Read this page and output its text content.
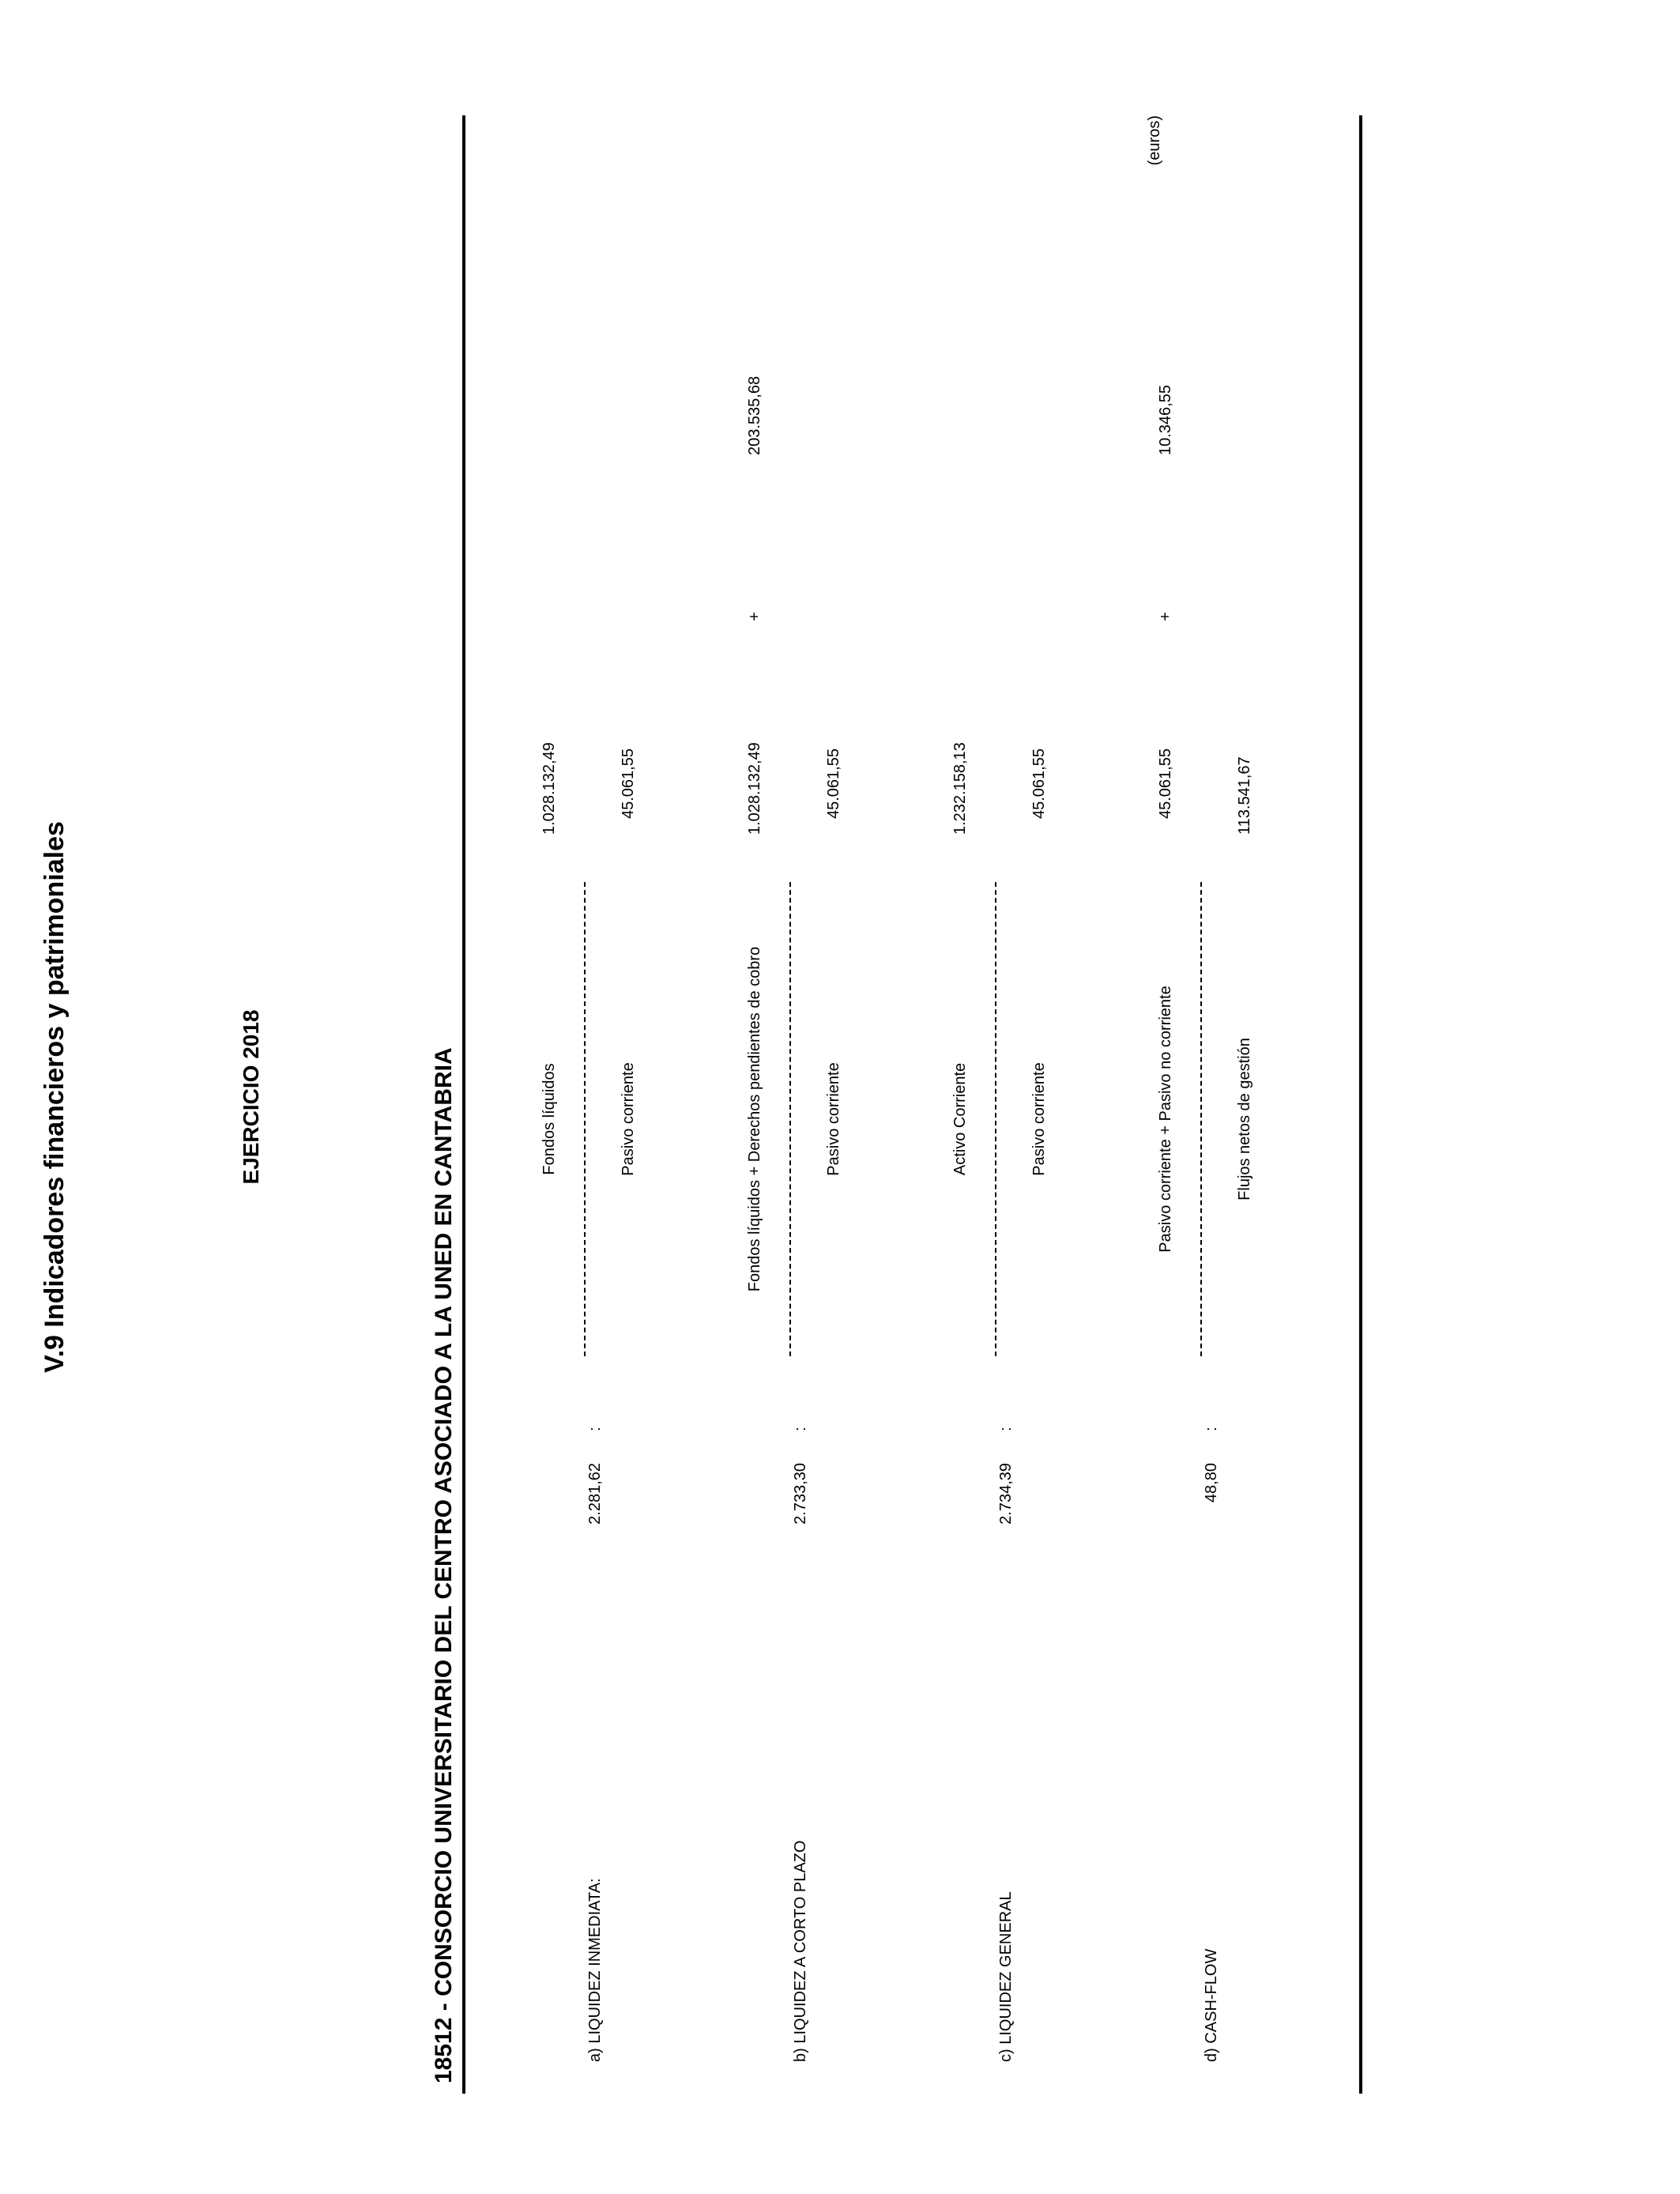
V.9 Indicadores financieros y patrimoniales	EJERCICIO 2018	18512 - CONSORCIO UNIVERSITARIO DEL CENTRO ASOCIADO A LA UNED EN CANTABRIA
(euros)
a) LIQUIDEZ INMEDIATA:
2.281,62
:
Fondos líquidos
1.028.132,49
Pasivo corriente
45.061,55
b) LIQUIDEZ A CORTO PLAZO
2.733,30
:
Fondos líquidos + Derechos pendientes de cobro
1.028.132,49
+
203.535,68
Pasivo corriente
45.061,55
c) LIQUIDEZ GENERAL
2.734,39
:
Activo Corriente
1.232.158,13
Pasivo corriente
45.061,55
d) CASH-FLOW
48,80
:
Pasivo corriente + Pasivo no corriente
45.061,55
+
10.346,55
Flujos netos de gestión
113.541,67
